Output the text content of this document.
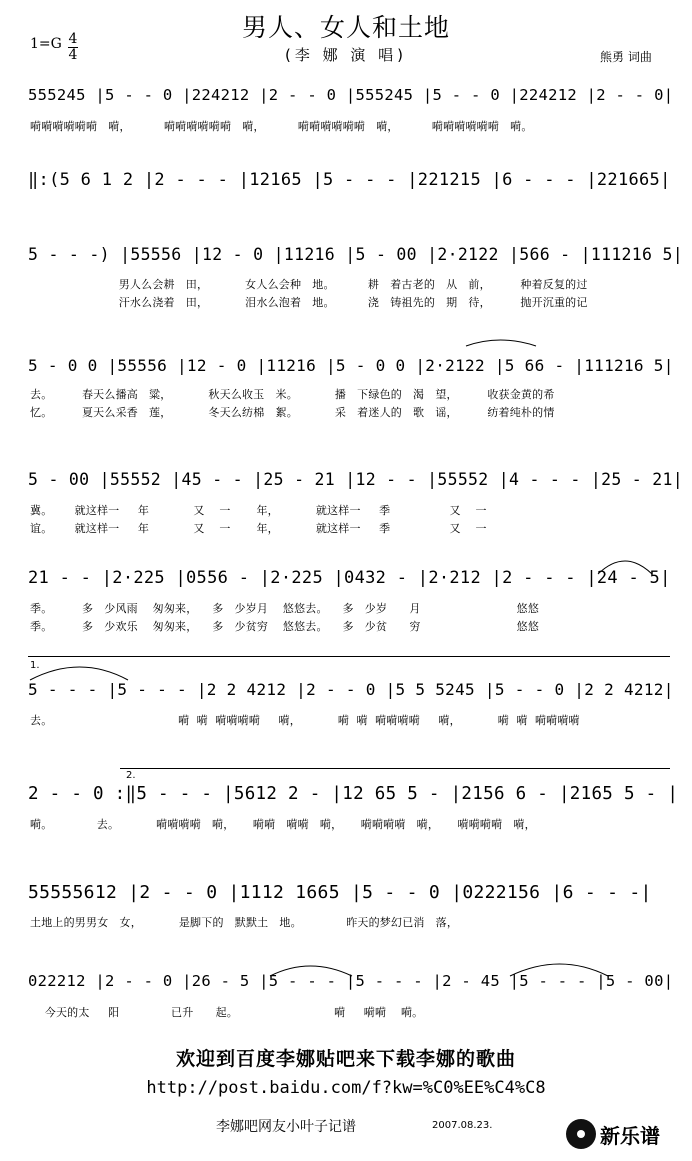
男人、女人和土地
(李 娜 演 唱)
1=G 4
4	熊勇 词曲
555245 |5 - - 0 |224212 |2 - - 0 |555245 |5 - - 0 |224212 |2 - - 0|
嗬嗬嗬嗬嗬嗬   嗬，         嗬嗬嗬嗬嗬嗬   嗬，         嗬嗬嗬嗬嗬嗬   嗬，         嗬嗬嗬嗬嗬嗬   嗬。
‖:(5 6 1 2 |2 - - - |12165 |5 - - - |221215 |6 - - - |221665|
5 - - -) |55556 |12 - 0 |11216 |5 - 00 |2·2122 |566 - |111216 5|
男人么会耕   田，          女人么会种   地。         耕   着古老的   从   前，        种着反复的过
汗水么浇着   田，          泪水么泡着   地。         浇   铸祖先的   期   待，        抛开沉重的记
5 - 0 0 |55556 |12 - 0 |11216 |5 - 0 0 |2·2122 |5 66 - |111216 5|
去。        春天么播高   粱，          秋天么收玉   米。          播   下绿色的   渴   望，        收获金黄的希
忆。        夏天么采香   莲，          冬天么纺棉   絮。          采   着迷人的   歌   谣，        纺着纯朴的情
5 - 00 |55552 |45 - - |25 - 21 |12 - - |55552 |4 - - - |25 - 21|
冀。      就这样一     年            又    一       年，          就这样一     季                又    一
谊。      就这样一     年            又    一       年，          就这样一     季                又    一
21 - - |2·225 |0556 - |2·225 |0432 - |2·212 |2 - - - |24 - 5|
季。        多   少风雨    匆匆来，    多   少岁月    悠悠去。    多   少岁      月                          悠悠
季。        多   少欢乐    匆匆来，    多   少贫穷    悠悠去。    多   少贫      穷                          悠悠
1.
5 - - - |5 - - - |2 2 4212 |2 - - 0 |5 5 5245 |5 - - 0 |2 2 4212|
去。                                  嗬  嗬  嗬嗬嗬嗬     嗬，          嗬  嗬  嗬嗬嗬嗬     嗬，          嗬  嗬  嗬嗬嗬嗬
2.
2 - - 0 :‖5 - - - |5612 2 - |12 65 5 - |2156 6 - |2165 5 - |
嗬。            去。          嗬嗬嗬嗬   嗬，     嗬嗬   嗬嗬   嗬，     嗬嗬嗬嗬   嗬，     嗬嗬嗬嗬   嗬，
55555612 |2 - - 0 |1112 1665 |5 - - 0 |0222156 |6 - - -|
土地上的男男女   女，          是脚下的   默默土   地。            昨天的梦幻已消   落，
022212 |2 - - 0 |26 - 5 |5 - - - |5 - - - |2 - 45 |5 - - - |5 - 00|
今天的太     阳              已升      起。                          嗬     嗬嗬    嗬。
欢迎到百度李娜贴吧来下载李娜的歌曲
http://post.baidu.com/f?kw=%C0%EE%C4%C8
李娜吧网友小叶子记谱	2007.08.23.	新乐谱
